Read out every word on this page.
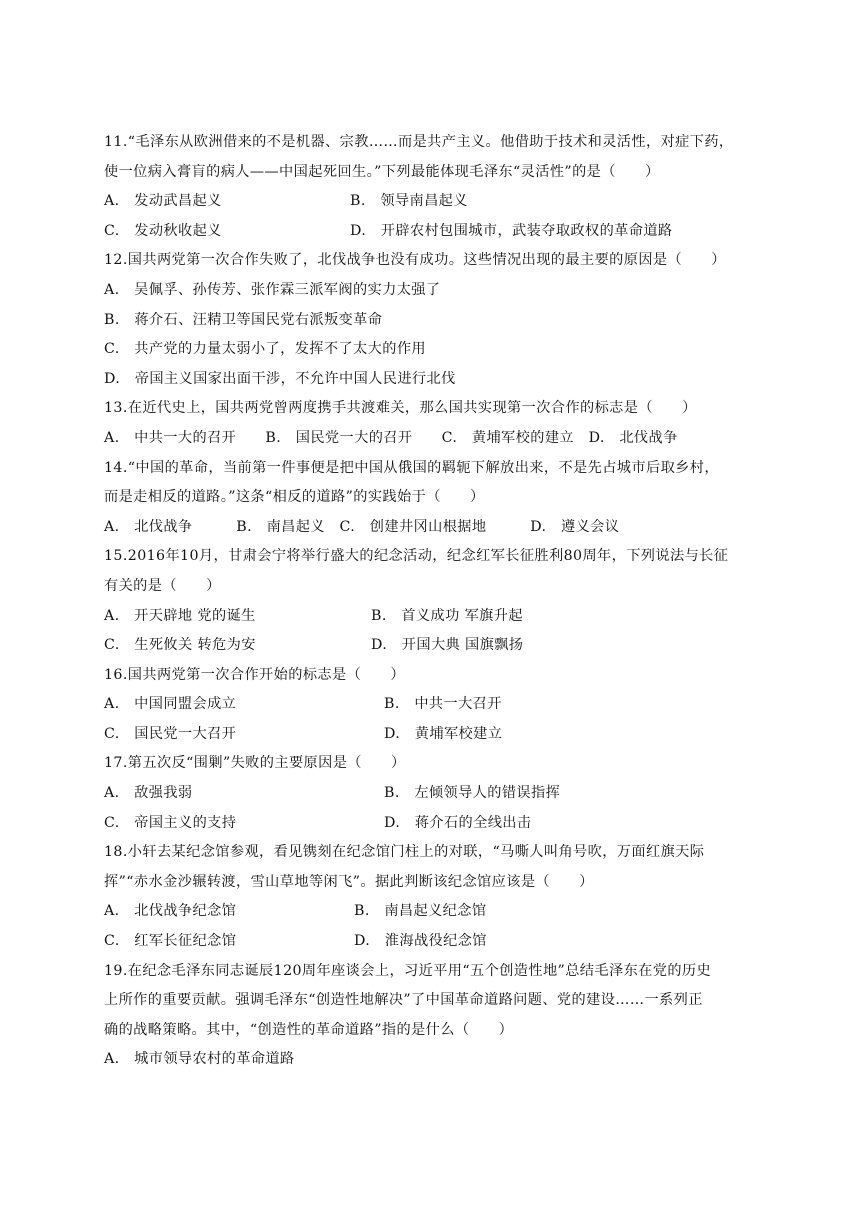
11.“毛泽东从欧洲借来的不是机器、宗教……而是共产主义。他借助于技术和灵活性，对症下药，
使一位病入膏肓的病人——中国起死回生。”下列最能体现毛泽东“灵活性”的是（　　）
A.　发动武昌起义	B.　领导南昌起义
C.　发动秋收起义	D.　开辟农村包围城市，武装夺取政权的革命道路
12.国共两党第一次合作失败了，北伐战争也没有成功。这些情况出现的最主要的原因是（　　）
A.　吴佩孚、孙传芳、张作霖三派军阀的实力太强了
B.　蒋介石、汪精卫等国民党右派叛变革命
C.　共产党的力量太弱小了，发挥不了太大的作用
D.　帝国主义国家出面干涉，不允许中国人民进行北伐
13.在近代史上，国共两党曾两度携手共渡难关，那么国共实现第一次合作的标志是（　　）
A.　中共一大的召开　　B.　国民党一大的召开　　C.　黄埔军校的建立　D.　北伐战争
14.“中国的革命，当前第一件事便是把中国从俄国的羁轭下解放出来，不是先占城市后取乡村，
而是走相反的道路。”这条“相反的道路”的实践始于（　　）
A.　北伐战争　　　B.　南昌起义　C.　创建井冈山根据地　　　D.　遵义会议
15.2016年10月，甘肃会宁将举行盛大的纪念活动，纪念红军长征胜利80周年，下列说法与长征
有关的是（　　）
A.　开天辟地 党的诞生	B.　首义成功 军旗升起
C.　生死攸关 转危为安	D.　开国大典 国旗飘扬
16.国共两党第一次合作开始的标志是（　　）
A.　中国同盟会成立	B.　中共一大召开
C.　国民党一大召开	D.　黄埔军校建立
17.第五次反“围剿”失败的主要原因是（　　）
A.　敌强我弱	B.　左倾领导人的错误指挥
C.　帝国主义的支持	D.　蒋介石的全线出击
18.小轩去某纪念馆参观，看见镌刻在纪念馆门柱上的对联，“马嘶人叫角号吹，万面红旗天际
挥”“赤水金沙辗转渡，雪山草地等闲飞”。据此判断该纪念馆应该是（　　）
A.　北伐战争纪念馆	B.　南昌起义纪念馆
C.　红军长征纪念馆	D.　淮海战役纪念馆
19.在纪念毛泽东同志诞辰120周年座谈会上，习近平用“五个创造性地”总结毛泽东在党的历史
上所作的重要贡献。强调毛泽东“创造性地解决”了中国革命道路问题、党的建设……一系列正
确的战略策略。其中，“创造性的革命道路”指的是什么（　　）
A.　城市领导农村的革命道路
